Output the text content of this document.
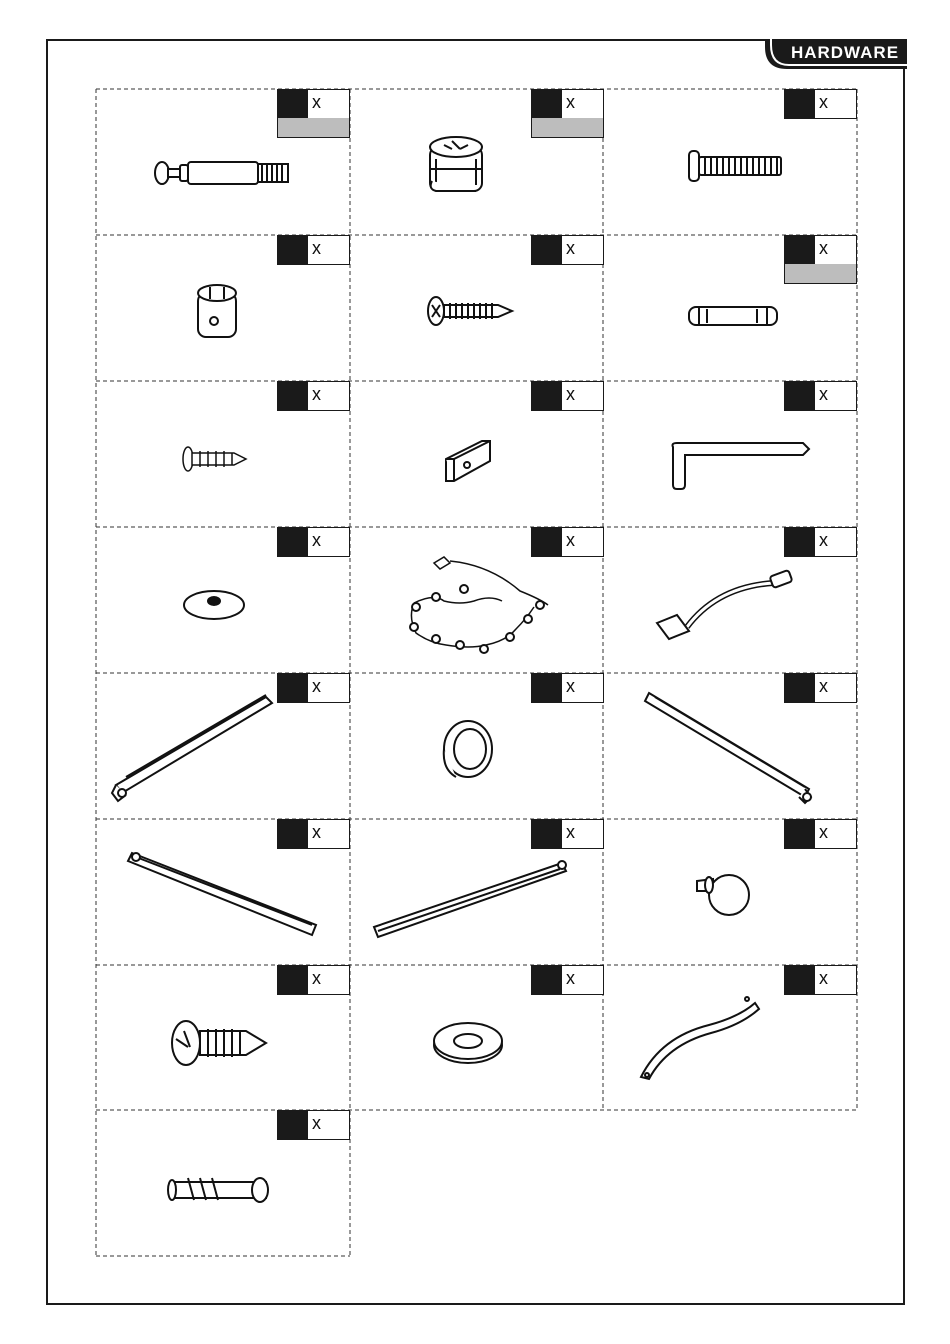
HARDWARE
x	x	x
x	x	x
x	x	x
x	x	x
x	x	x
x	x	x
x	x	x
x
